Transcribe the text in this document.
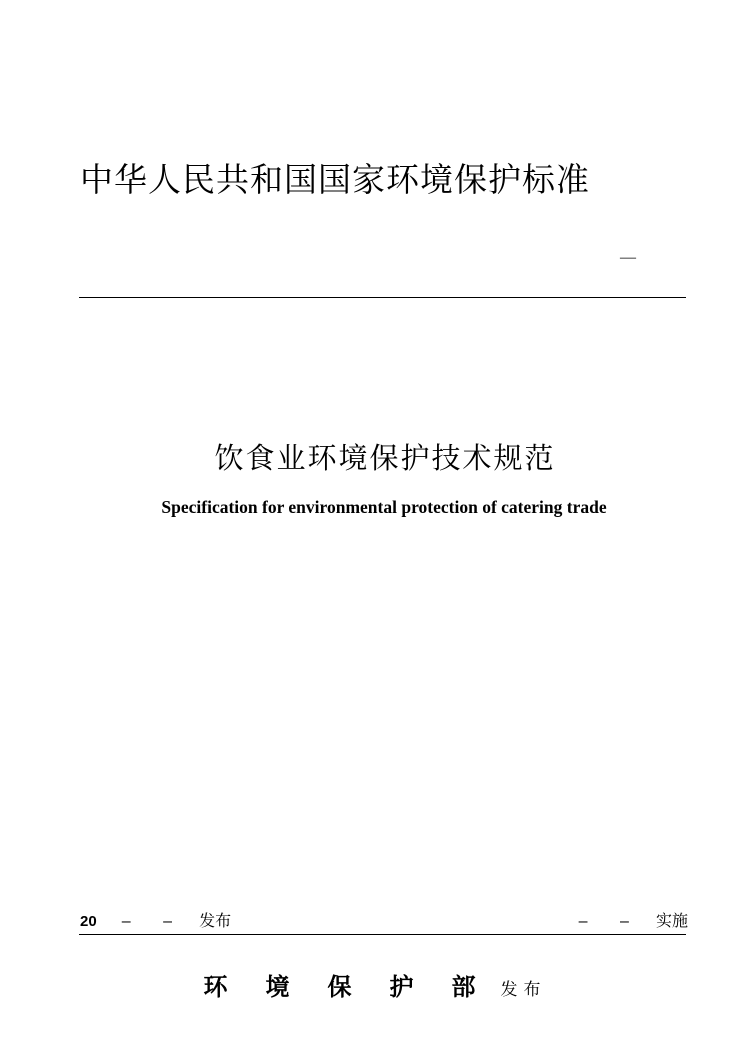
中华人民共和国国家环境保护标准
—
饮食业环境保护技术规范
Specification for environmental protection of catering trade
20 – – 发布	– – 实施
环境保护部 发布
